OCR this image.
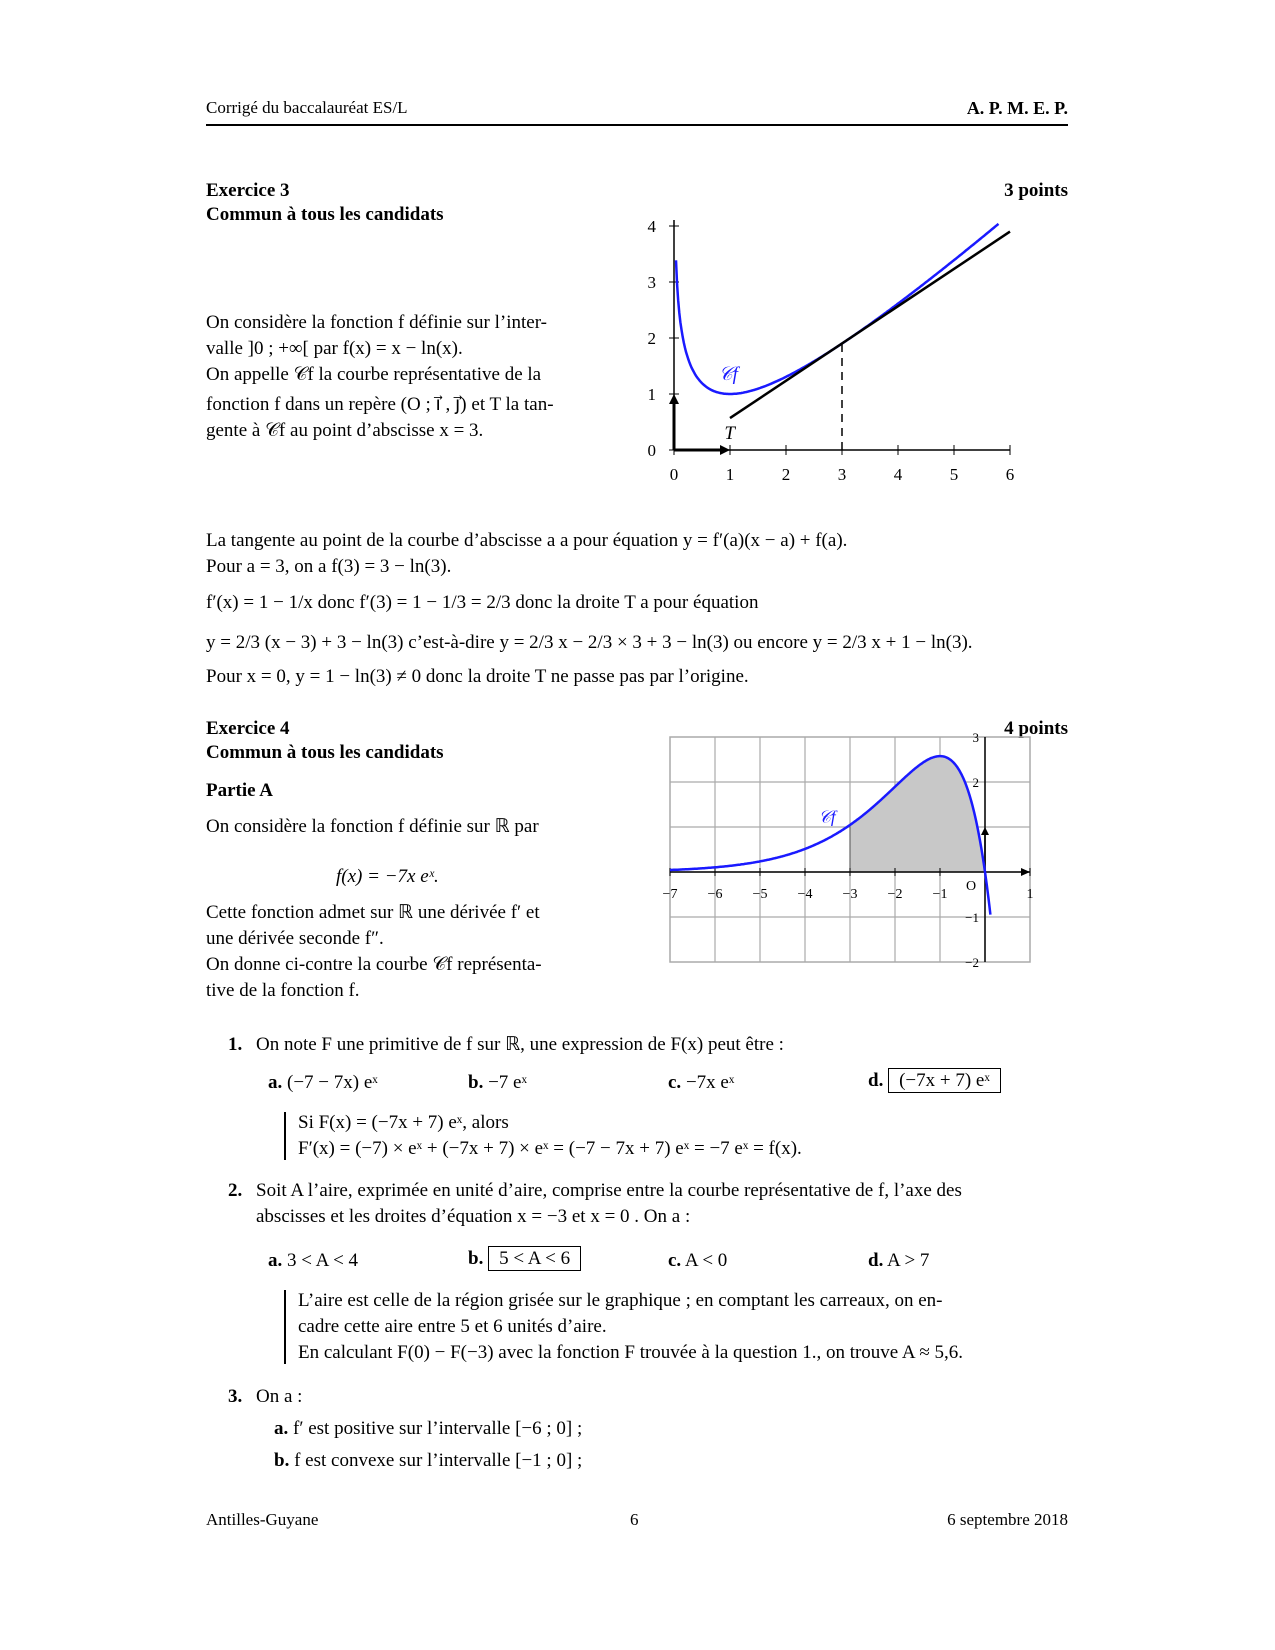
Corrigé du baccalauréat ES/L	A. P. M. E. P.
Exercice 3	3 points
Commun à tous les candidats
On considère la fonction f définie sur l’inter-
valle ]0 ; +∞[ par f(x) = x − ln(x).
On appelle 𝒞f la courbe représentative de la
fonction f dans un repère (O ; ı⃗ , ȷ⃗) et T la tan-
gente à 𝒞f au point d’abscisse x = 3.
0	1	2	3	4	5	6
0
1
2
3
4
𝒞f
T
La tangente au point de la courbe d’abscisse a a pour équation y = f′(a)(x − a) + f(a).
Pour a = 3, on a f(3) = 3 − ln(3).
f′(x) = 1 − 1/x donc f′(3) = 1 − 1/3 = 2/3 donc la droite T a pour équation
y = 2/3 (x − 3) + 3 − ln(3) c’est-à-dire y = 2/3 x − 2/3 × 3 + 3 − ln(3) ou encore y = 2/3 x + 1 − ln(3).
Pour x = 0, y = 1 − ln(3) ≠ 0 donc la droite T ne passe pas par l’origine.
Exercice 4	4 points
Commun à tous les candidats
Partie A
On considère la fonction f définie sur ℝ par
f(x) = −7x eˣ.
Cette fonction admet sur ℝ une dérivée f′ et
une dérivée seconde f″.
On donne ci-contre la courbe 𝒞f représenta-
tive de la fonction f.
−7 −6 −5 −4 −3 −2 −1
O
1
−2
−1
2
3
𝒞f
1. On note F une primitive de f sur ℝ, une expression de F(x) peut être :
a. (−7 − 7x) eˣ	b. −7 eˣ	c. −7x eˣ	d. (−7x + 7) eˣ
Si F(x) = (−7x + 7) eˣ, alors
F′(x) = (−7) × eˣ + (−7x + 7) × eˣ = (−7 − 7x + 7) eˣ = −7 eˣ = f(x).
2. Soit A l’aire, exprimée en unité d’aire, comprise entre la courbe représentative de f, l’axe des
abscisses et les droites d’équation x = −3 et x = 0 . On a :
a. 3 < A < 4	b. 5 < A < 6	c. A < 0	d. A > 7
L’aire est celle de la région grisée sur le graphique ; en comptant les carreaux, on en-
cadre cette aire entre 5 et 6 unités d’aire.
En calculant F(0) − F(−3) avec la fonction F trouvée à la question 1., on trouve A ≈ 5,6.
3. On a :
a. f′ est positive sur l’intervalle [−6 ; 0] ;
b. f est convexe sur l’intervalle [−1 ; 0] ;
Antilles-Guyane	6	6 septembre 2018
